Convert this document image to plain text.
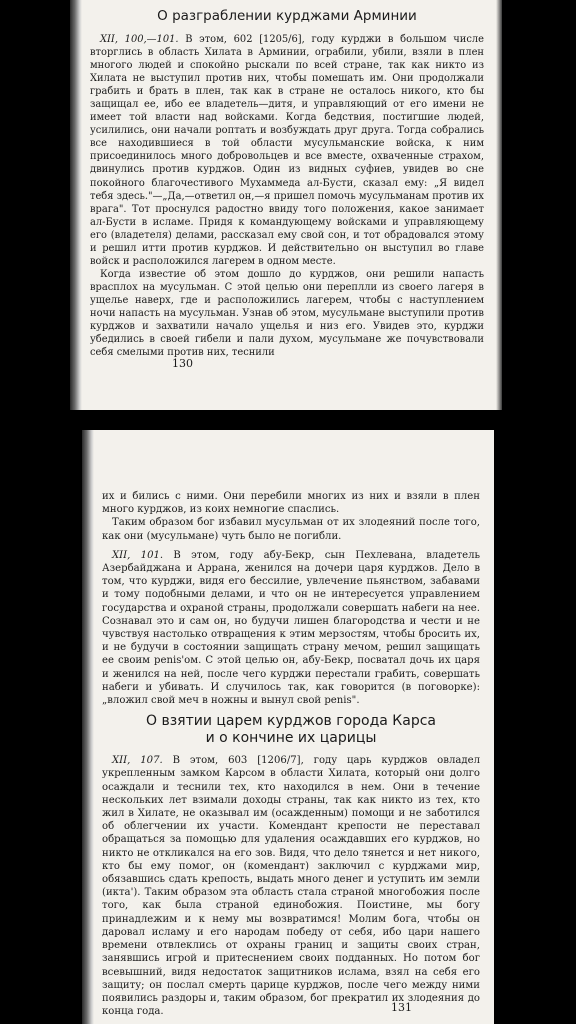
О разграблении курджами Арминии

XII, 100,—101. В этом, 602 [1205/6], году курджи в большом числе вторглись в область Хилата в Арминии, ограбили, убили, взяли в плен многого людей и спокойно рыскали по всей стране, так как никто из Хилата не выступил против них, чтобы помешать им. Они продолжали грабить и брать в плен, так как в стране не осталось никого, кто бы защищал ее, ибо ее владетель—дитя, и управляющий от его имени не имеет той власти над войсками. Когда бедствия, постигшие людей, усилились, они начали роптать и возбуждать друг друга. Тогда собрались все находившиеся в той области мусульманские войска, к ним присоединилось много добровольцев и все вместе, охваченные страхом, двинулись против курджов. Один из видных суфиев, увидев во сне покойного благочестивого Мухаммеда ал-Бусти, сказал ему: „Я видел тебя здесь."—„Да,—ответил он,—я пришел помочь мусульманам против их врага". Тот проснулся радостно ввиду того положения, какое занимает ал-Бусти в исламе. Придя к командующему войсками и управляющему его (владетеля) делами, рассказал ему свой сон, и тот обрадовался этому и решил итти против курджов. И действительно он выступил во главе войск и расположился лагерем в одном месте.

Когда известие об этом дошло до курджов, они решили напасть врасплох на мусульман. С этой целью они переплли из своего лагеря в ущелье наверх, где и расположились лагерем, чтобы с наступлением ночи напасть на мусульман. Узнав об этом, мусульмане выступили против курджов и захватили начало ущелья и низ его. Увидев это, курджи убедились в своей гибели и пали духом, мусульмане же почувствовали себя смелыми против них, теснили

130

их и бились с ними. Они перебили многих из них и взяли в плен много курджов, из коих немногие спаслись.

Таким образом бог избавил мусульман от их злодеяний после того, как они (мусульмане) чуть было не погибли.

XII, 101. В этом, году абу-Бекр, сын Пехлевана, владетель Азербайджана и Аррана, женился на дочери царя курджов. Дело в том, что курджи, видя его бессилие, увлечение пьянством, забавами и тому подобными делами, и что он не интересуется управлением государства и охраной страны, продолжали совершать набеги на нее. Сознавал это и сам он, но будучи лишен благородства и чести и не чувствуя настолько отвращения к этим мерзостям, чтобы бросить их, и не будучи в состоянии защищать страну мечом, решил защищать ее своим penis'ом. С этой целью он, абу-Бекр, посватал дочь их царя и женился на ней, после чего курджи перестали грабить, совершать набеги и убивать. И случилось так, как говорится (в поговорке): „вложил свой меч в ножны и вынул свой penis".

О взятии царем курджов города Карса
и о кончине их царицы

XII, 107. В этом, 603 [1206/7], году царь курджов овладел укрепленным замком Карсом в области Хилата, который они долго осаждали и теснили тех, кто находился в нем. Они в течение нескольких лет взимали доходы страны, так как никто из тех, кто жил в Хилате, не оказывал им (осажденным) помощи и не заботился об облегчении их участи. Комендант крепости не переставал обращаться за помощью для удаления осаждавших его курджов, но никто не откликался на его зов. Видя, что дело тянется и нет никого, кто бы ему помог, он (комендант) заключил с курджами мир, обязавшись сдать крепость, выдать много денег и уступить им земли (икта'). Таким образом эта область стала страной многобожия после того, как была страной единобожия. Поистине, мы богу принадлежим и к нему мы возвратимся! Молим бога, чтобы он даровал исламу и его народам победу от себя, ибо цари нашего времени отвлеклись от охраны границ и защиты своих стран, занявшись игрой и притеснением своих подданных. Но потом бог всевышний, видя недостаток защитников ислама, взял на себя его защиту; он послал смерть царице курджов, после чего между ними появились раздоры и, таким образом, бог прекратил их злодеяния до конца года.	131
